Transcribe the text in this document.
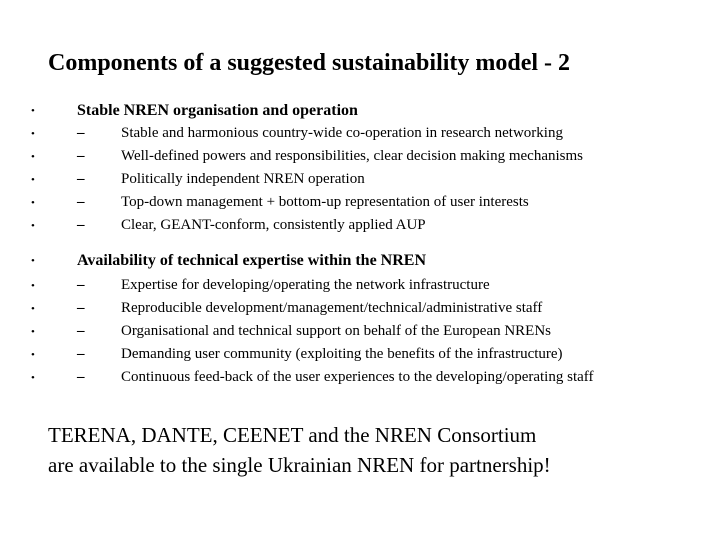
Components of a suggested sustainability model - 2
•	Stable NREN organisation and operation
•	– Stable and harmonious country-wide co-operation in research networking
•	– Well-defined powers and responsibilities, clear decision making mechanisms
•	– Politically independent NREN operation
•	– Top-down management + bottom-up representation of user interests
•	– Clear, GEANT-conform, consistently applied AUP
•	Availability of technical expertise within the NREN
•	– Expertise for developing/operating the network infrastructure
•	– Reproducible development/management/technical/administrative staff
•	– Organisational and technical support on behalf of the European NRENs
•	– Demanding user community (exploiting the benefits of the infrastructure)
•	– Continuous feed-back of the user experiences to the developing/operating staff
TERENA, DANTE, CEENET and the NREN Consortium
are available to the single Ukrainian NREN for partnership!
